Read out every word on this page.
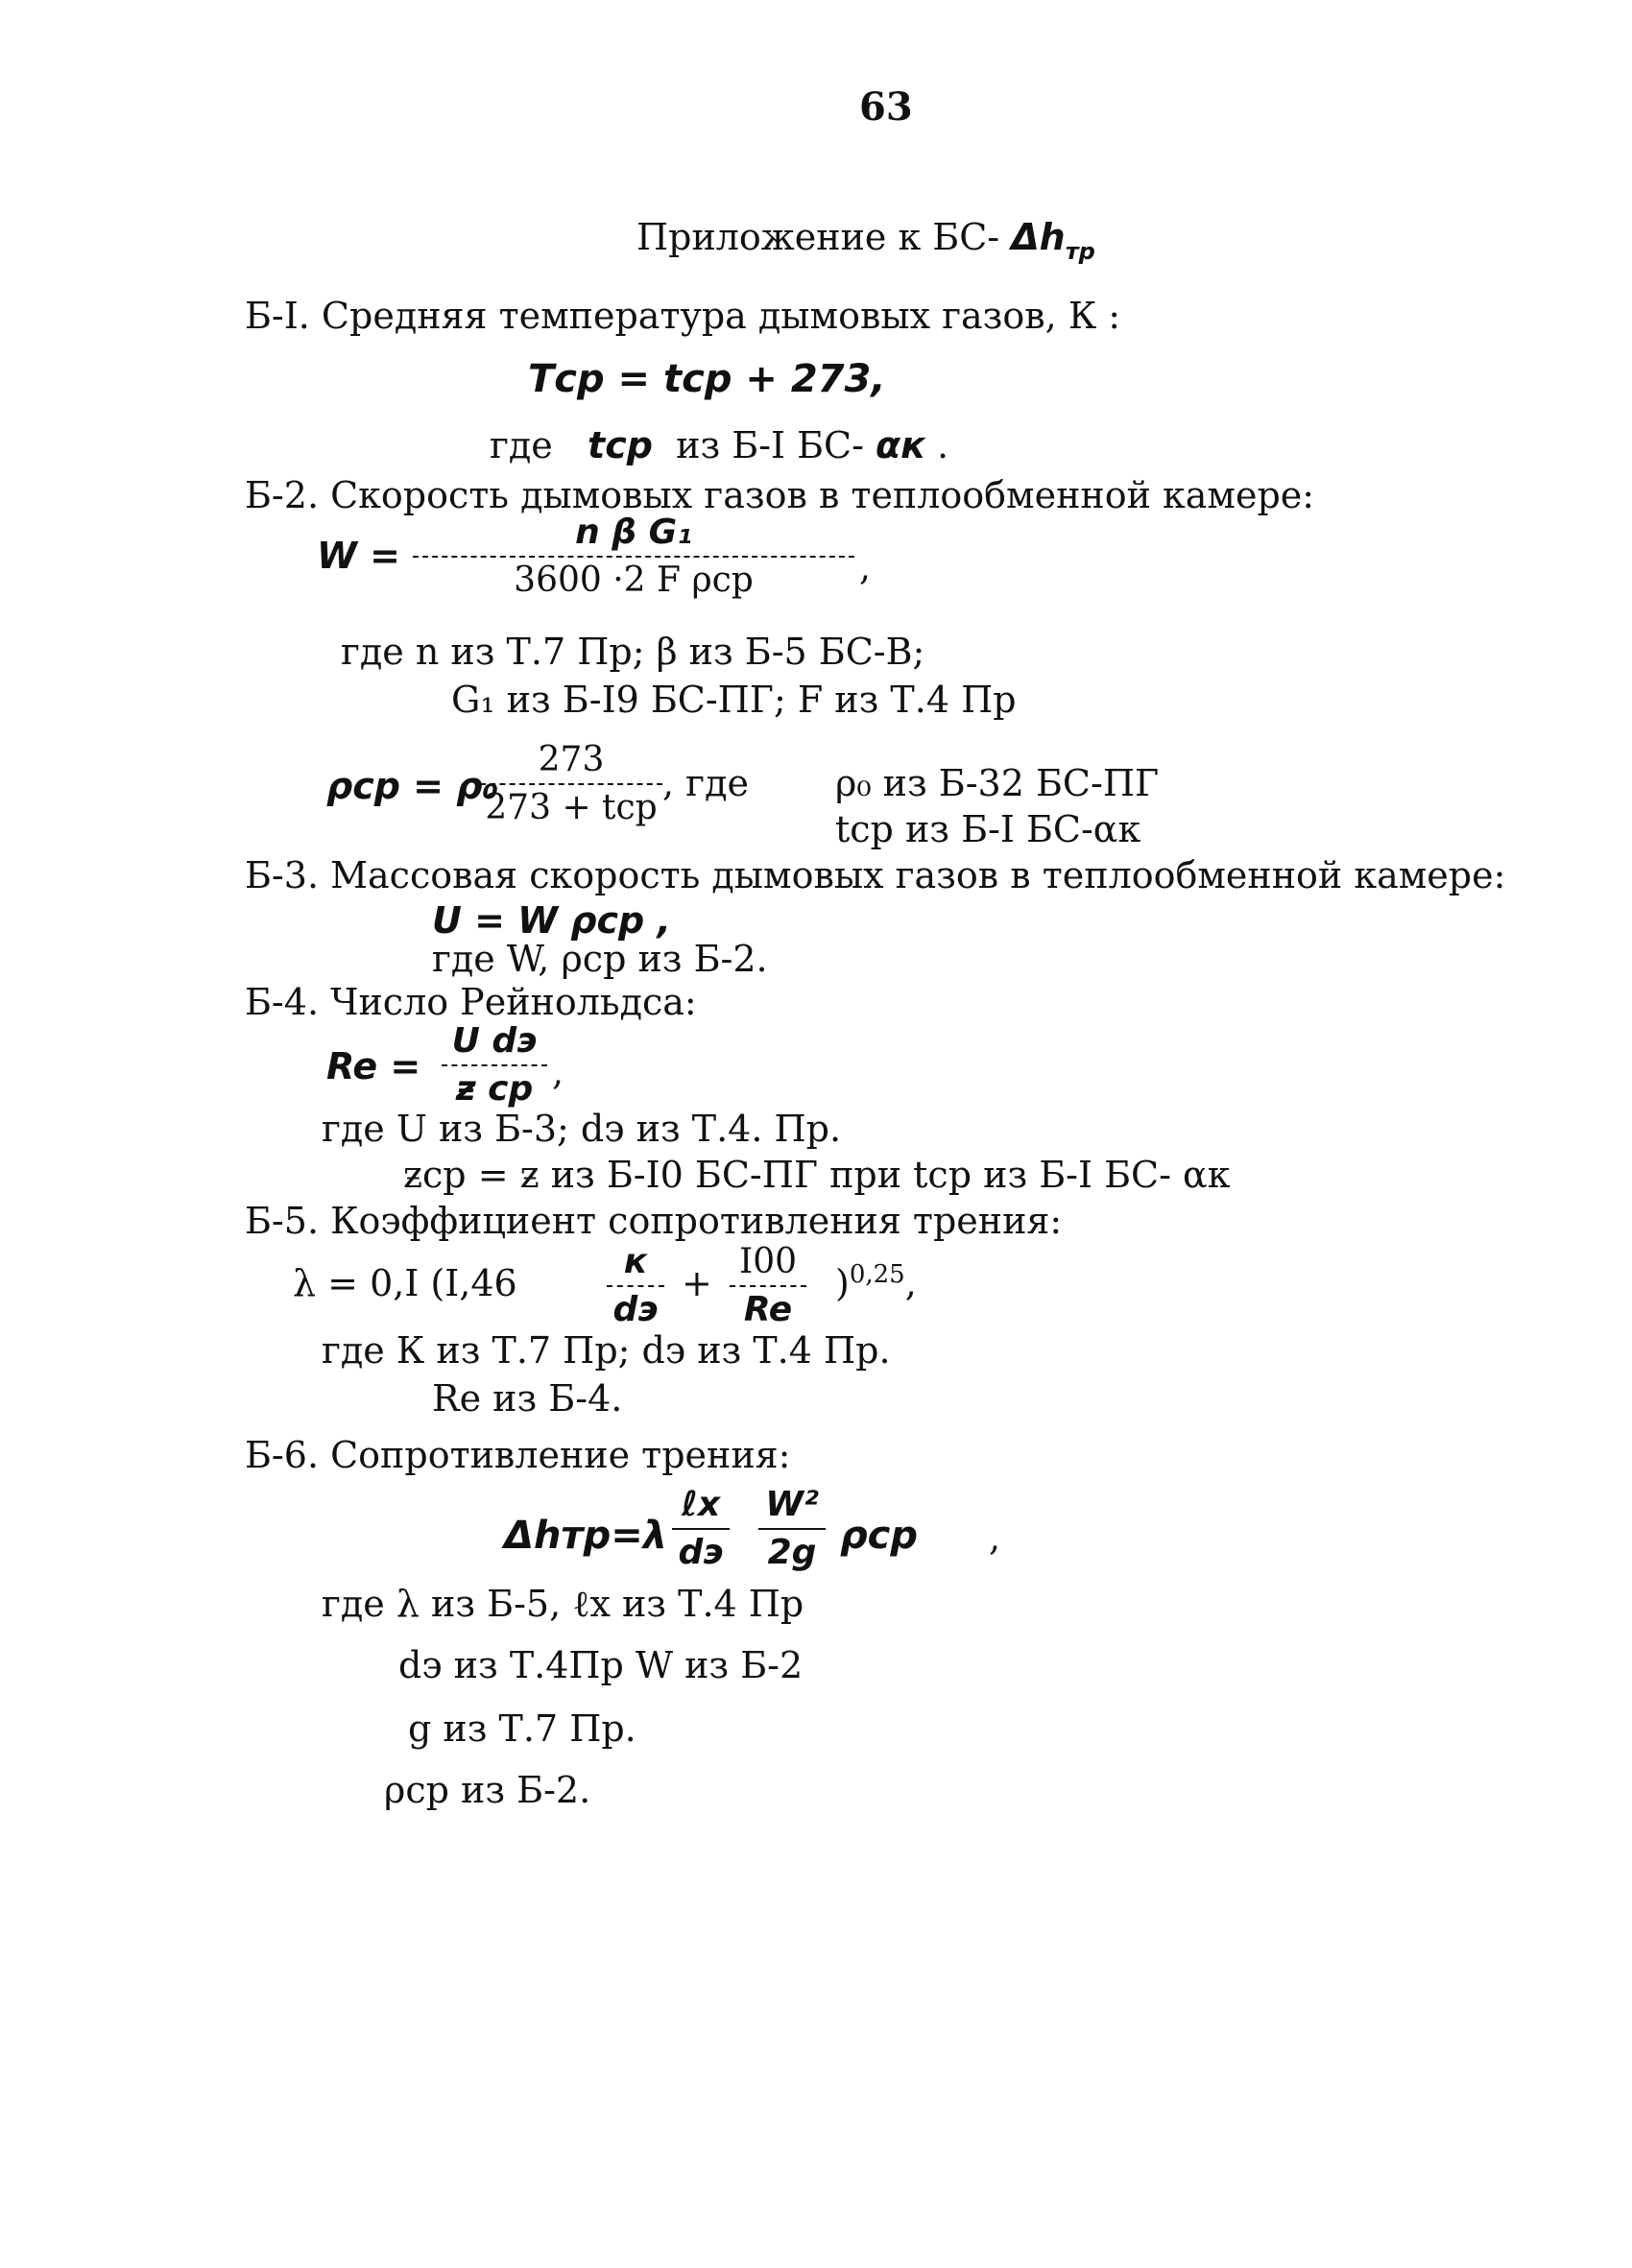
63
Приложение к БС- $\Delta h_{тр}$
Б-I. Средняя температура дымовых газов, К :
Tср = tср + 273,
где tср из Б-I БС- αк .
Б-2. Скорость дымовых газов в теплообменной камере:
W =
n β G₁
3600 ·2 F ρср	,
где n из Т.7 Пр; β из Б-5 БС-В;
G₁ из Б-I9 БС-ПГ; F из Т.4 Пр
ρср = ρ₀
273
273 + tср
, где ρ₀ из Б-32 БС-ПГ
tср из Б-I БС-αк
Б-3. Массовая скорость дымовых газов в теплообменной камере:
U = W ρср ,
где W, ρср из Б-2.
Б-4. Число Рейнольдса:
Re =
U dэ
ƶ ср ,
где U из Б-3; dэ из Т.4. Пр.
ƶср = ƶ из Б-I0 БС-ПГ при tср из Б-I БС- αк
Б-5. Коэффициент сопротивления трения:
λ = 0,I (I,46
к
dэ
+
I00
Re
)$^{0,25}$,
где К из Т.7 Пр; dэ из Т.4 Пр.
Re из Б-4.
Б-6. Сопротивление трения:
Δhтр=λ
ℓx
dэ
W²
2g ρср ,
где λ из Б-5, ℓx из Т.4 Пр
dэ из Т.4Пр W из Б-2
g из Т.7 Пр.
ρср из Б-2.
